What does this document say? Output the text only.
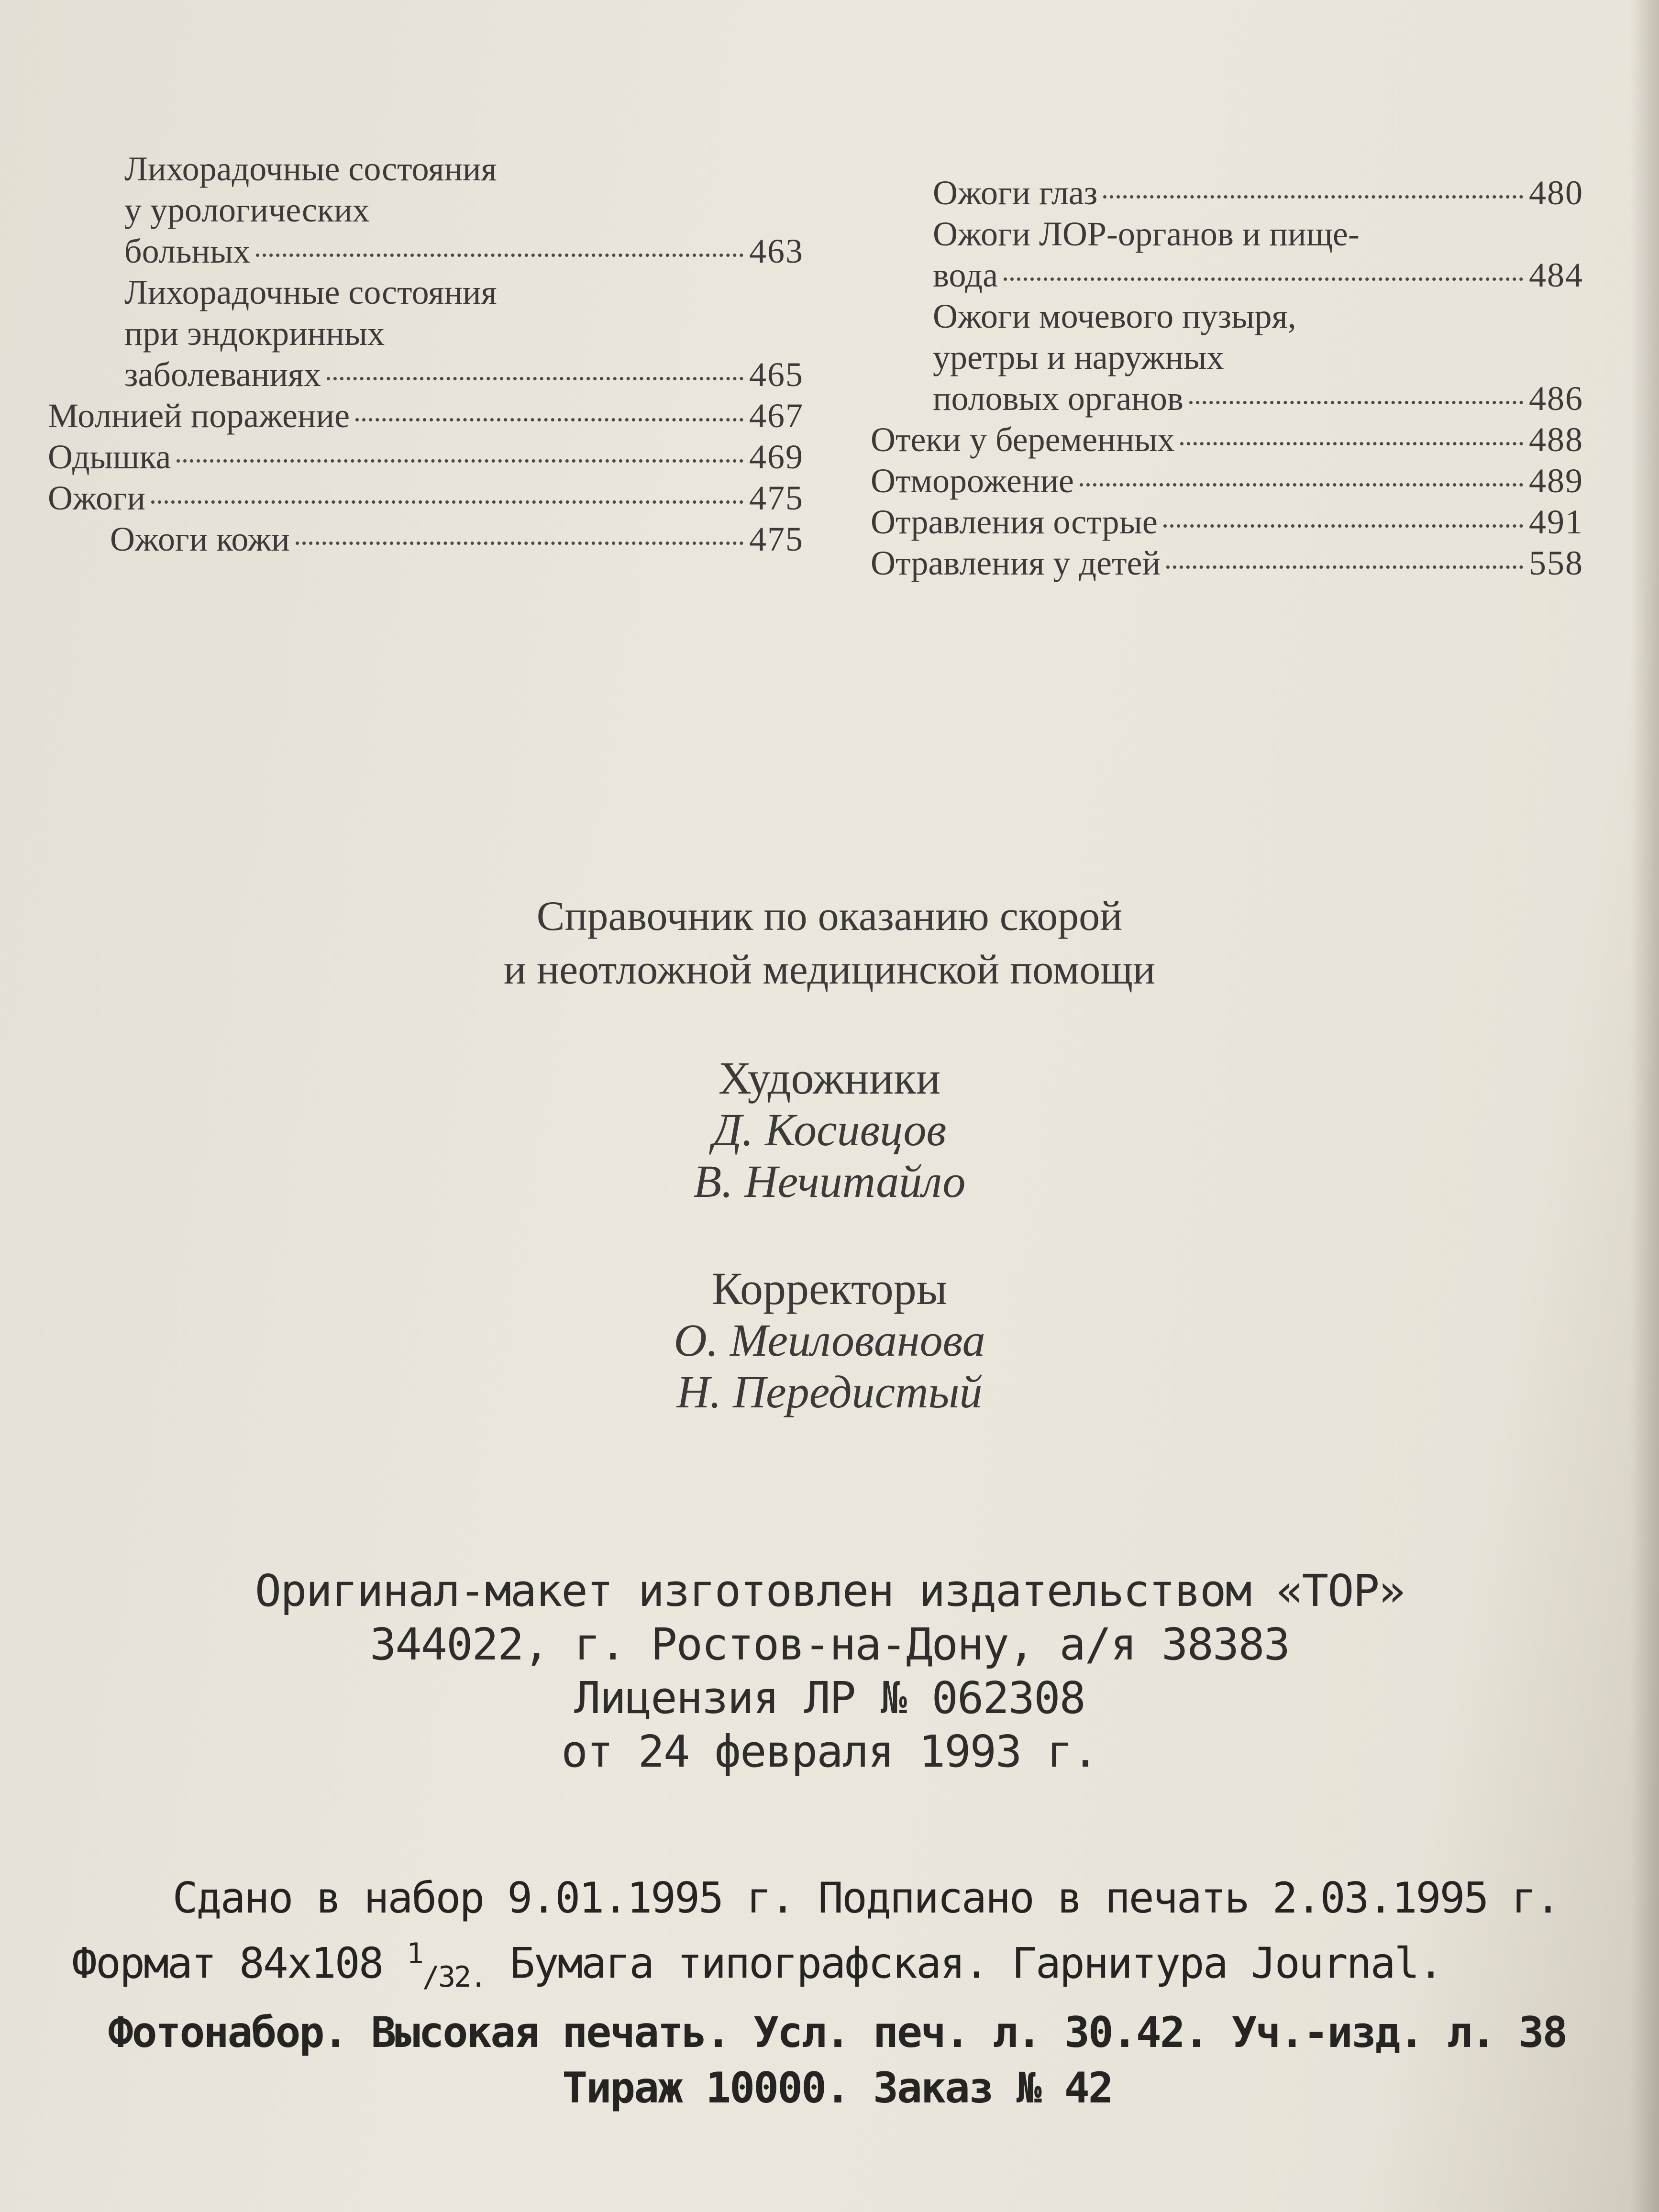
Лихорадочные состояния
у урологических
больных	463
Лихорадочные состояния
при эндокринных
заболеваниях	465
Молнией поражение	467
Одышка	469
Ожоги	475
Ожоги кожи	475
Ожоги глаз	480
Ожоги ЛОР-органов и пище-
вода	484
Ожоги мочевого пузыря,
уретры и наружных
половых органов	486
Отеки у беременных	488
Отморожение	489
Отравления острые	491
Отравления у детей	558
Справочник по оказанию скорой
и неотложной медицинской помощи
Художники
Д. Косивцов
В. Нечитайло
Корректоры
О. Меилованова
Н. Передистый
Оригинал-макет изготовлен издательством «ТОР»
344022, г. Ростов-на-Дону, а/я 38383
Лицензия ЛР № 062308
от 24 февраля 1993 г.
Сдано в набор 9.01.1995 г. Подписано в печать 2.03.1995 г.
Формат 84x108 $^1_{/32.}$ Бумага типографская. Гарнитура Journal.
Фотонабор. Высокая печать. Усл. печ. л. 30.42. Уч.-изд. л. 38
Тираж 10000. Заказ № 42
